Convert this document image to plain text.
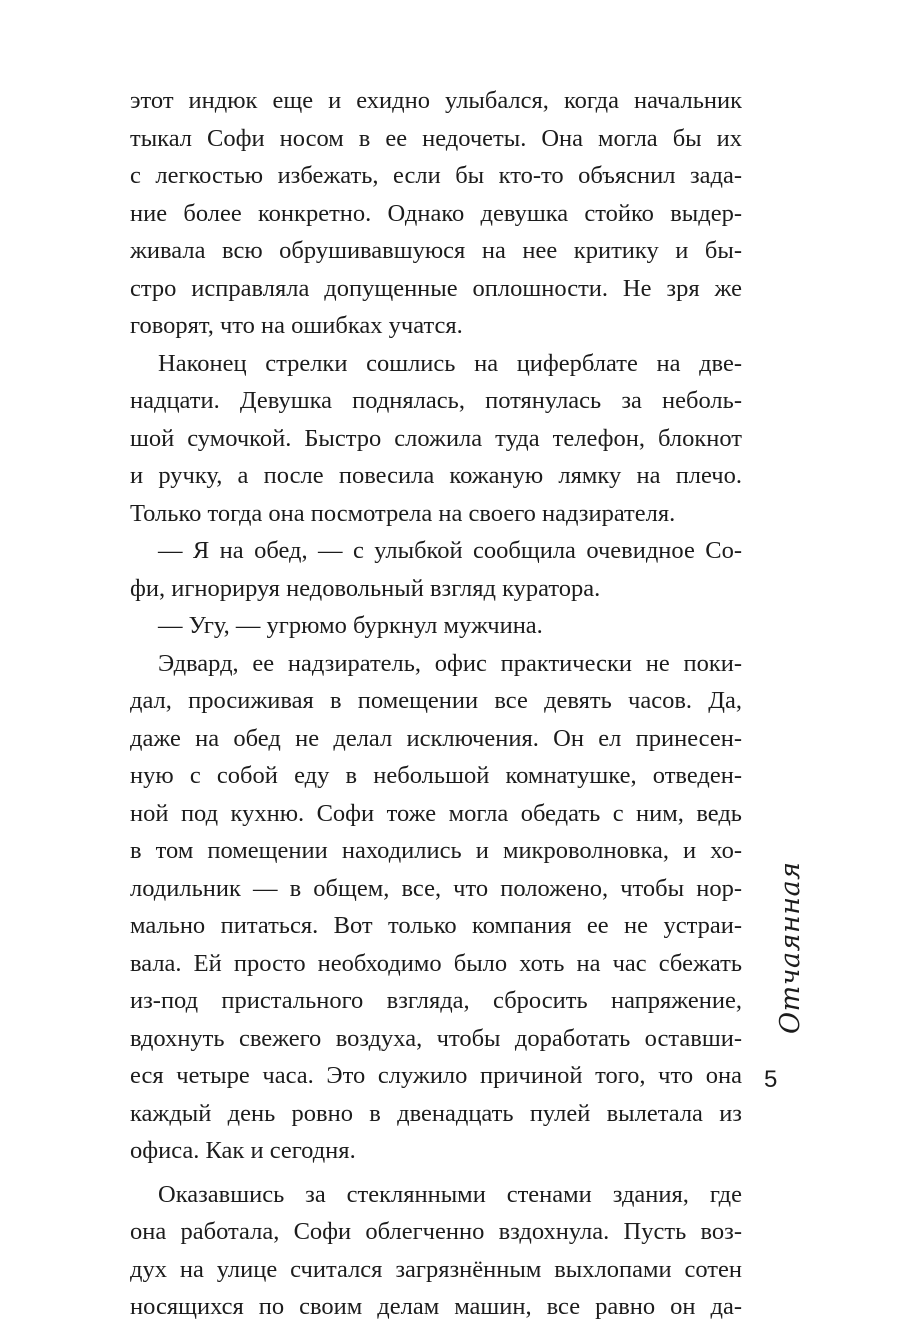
этот индюк еще и ехидно улыбался, когда начальник
тыкал Софи носом в ее недочеты. Она могла бы их
с легкостью избежать, если бы кто-то объяснил зада-
ние более конкретно. Однако девушка стойко выдер-
живала всю обрушивавшуюся на нее критику и бы-
стро исправляла допущенные оплошности. Не зря же
говорят, что на ошибках учатся.
Наконец стрелки сошлись на циферблате на две-
надцати. Девушка поднялась, потянулась за неболь-
шой сумочкой. Быстро сложила туда телефон, блокнот
и ручку, а после повесила кожаную лямку на плечо.
Только тогда она посмотрела на своего надзирателя.
— Я на обед, — с улыбкой сообщила очевидное Со-
фи, игнорируя недовольный взгляд куратора.
— Угу, — угрюмо буркнул мужчина.
Эдвард, ее надзиратель, офис практически не поки-
дал, просиживая в помещении все девять часов. Да,
даже на обед не делал исключения. Он ел принесен-
ную с собой еду в небольшой комнатушке, отведен-
ной под кухню. Софи тоже могла обедать с ним, ведь
в том помещении находились и микроволновка, и хо-
лодильник — в общем, все, что положено, чтобы нор-
мально питаться. Вот только компания ее не устраи-
вала. Ей просто необходимо было хоть на час сбежать
из-под пристального взгляда, сбросить напряжение,
вдохнуть свежего воздуха, чтобы доработать оставши-
еся четыре часа. Это служило причиной того, что она
каждый день ровно в двенадцать пулей вылетала из
офиса. Как и сегодня.
Оказавшись за стеклянными стенами здания, где
она работала, Софи облегченно вздохнула. Пусть воз-
дух на улице считался загрязнённым выхлопами сотен
носящихся по своим делам машин, все равно он да-
Отчаянная
5
